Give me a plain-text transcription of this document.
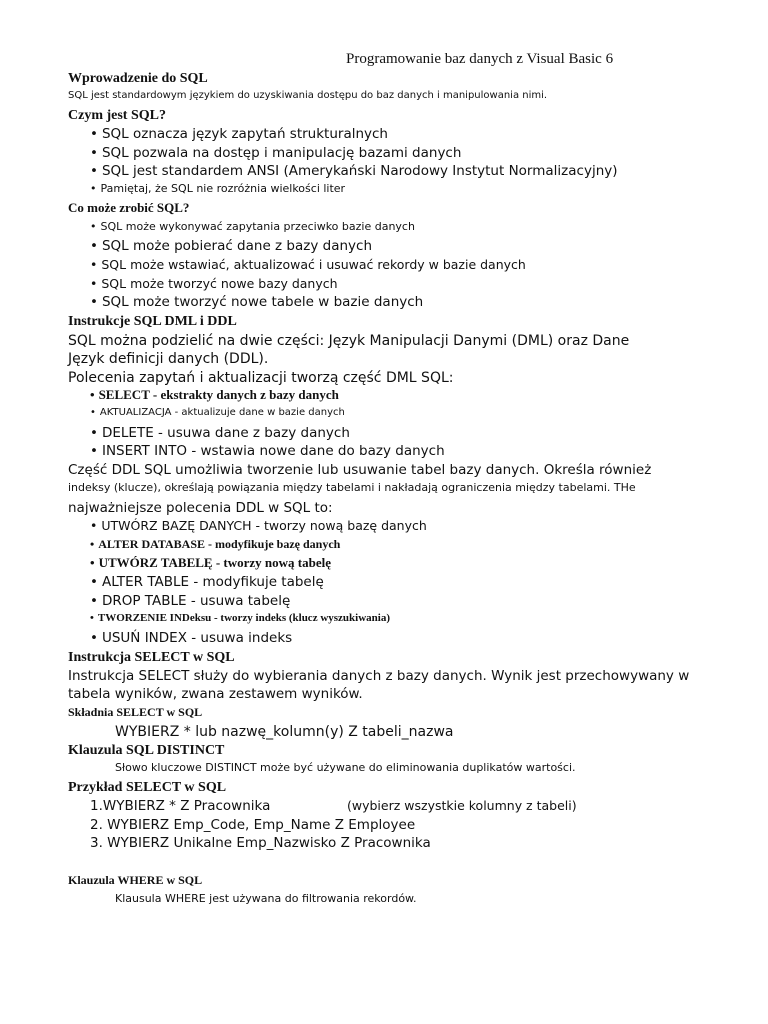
Programowanie baz danych z Visual Basic 6
Wprowadzenie do SQL
SQL jest standardowym językiem do uzyskiwania dostępu do baz danych i manipulowania nimi.
Czym jest SQL?
• SQL oznacza język zapytań strukturalnych
• SQL pozwala na dostęp i manipulację bazami danych
• SQL jest standardem ANSI (Amerykański Narodowy Instytut Normalizacyjny)
• Pamiętaj, że SQL nie rozróżnia wielkości liter
Co może zrobić SQL?
• SQL może wykonywać zapytania przeciwko bazie danych
• SQL może pobierać dane z bazy danych
• SQL może wstawiać, aktualizować i usuwać rekordy w bazie danych
• SQL może tworzyć nowe bazy danych
• SQL może tworzyć nowe tabele w bazie danych
Instrukcje SQL DML i DDL
SQL można podzielić na dwie części: Język Manipulacji Danymi (DML) oraz Dane
Język definicji danych (DDL).
Polecenia zapytań i aktualizacji tworzą część DML SQL:
• SELECT - ekstrakty danych z bazy danych
• AKTUALIZACJA - aktualizuje dane w bazie danych
• DELETE - usuwa dane z bazy danych
• INSERT INTO - wstawia nowe dane do bazy danych
Część DDL SQL umożliwia tworzenie lub usuwanie tabel bazy danych. Określa również
indeksy (klucze), określają powiązania między tabelami i nakładają ograniczenia między tabelami. THe
najważniejsze polecenia DDL w SQL to:
• UTWÓRZ BAZĘ DANYCH - tworzy nową bazę danych
• ALTER DATABASE - modyfikuje bazę danych
• UTWÓRZ TABELĘ - tworzy nową tabelę
• ALTER TABLE - modyfikuje tabelę
• DROP TABLE - usuwa tabelę
• TWORZENIE INDeksu - tworzy indeks (klucz wyszukiwania)
• USUŃ INDEX - usuwa indeks
Instrukcja SELECT w SQL
Instrukcja SELECT służy do wybierania danych z bazy danych. Wynik jest przechowywany w
tabela wyników, zwana zestawem wyników.
Składnia SELECT w SQL
WYBIERZ * lub nazwę_kolumn(y) Z tabeli_nazwa
Klauzula SQL DISTINCT
Słowo kluczowe DISTINCT może być używane do eliminowania duplikatów wartości.
Przykład SELECT w SQL
1.WYBIERZ * Z Pracownika	(wybierz wszystkie kolumny z tabeli)
2. WYBIERZ Emp_Code, Emp_Name Z Employee
3. WYBIERZ Unikalne Emp_Nazwisko Z Pracownika
Klauzula WHERE w SQL
Klausula WHERE jest używana do filtrowania rekordów.
